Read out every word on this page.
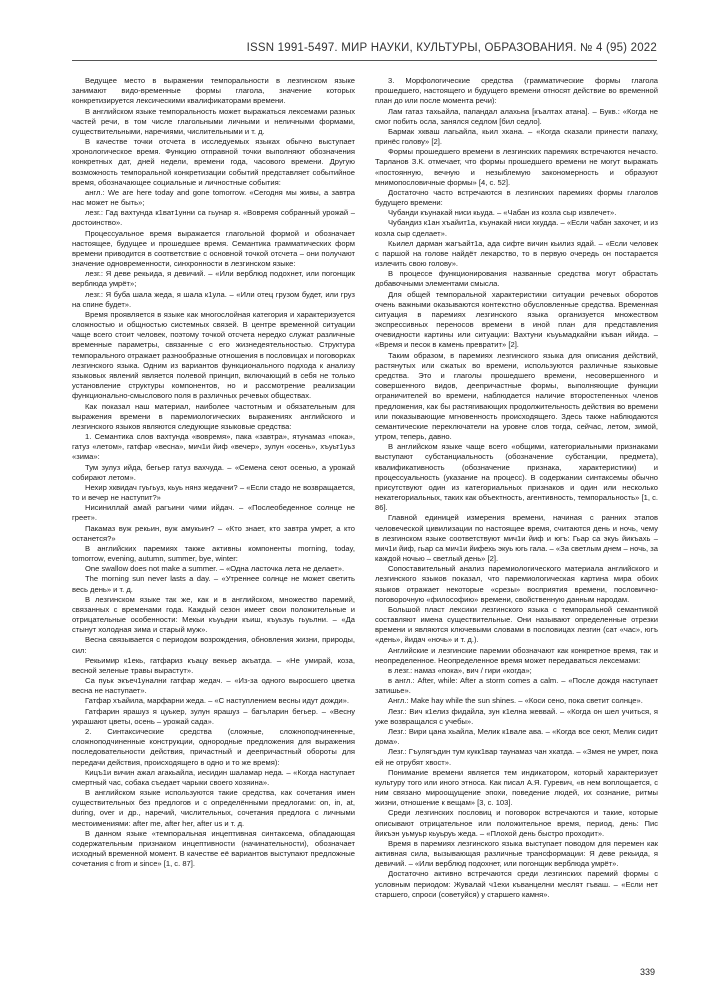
ISSN 1991-5497. МИР НАУКИ, КУЛЬТУРЫ, ОБРАЗОВАНИЯ. № 4 (95) 2022

Ведущее место в выражении темпоральности в лезгинском языке занимают видо-временные формы глагола, значение которых конкретизируется лексическими квалификаторами времени.

В английском языке темпоральность может выражаться лексемами разных частей речи, в том числе глагольными личными и неличными формами, существительными, наречиями, числительными и т. д.

В качестве точки отсчета в исследуемых языках обычно выступает хронологическое время. Функцию отправной точки выполняют обозначения конкретных дат, дней недели, времени года, часового времени. Другую возможность темпоральной конкретизации событий представляет событийное время, обозначающее социальные и личностные события:

англ.: We are here today and gone tomorrow. «Сегодня мы живы, а завтра нас может не быть»;

лезг.: Гад вахтунда к1ват1унни са гьунар я. «Вовремя собранный урожай – достоинство».

Процессуальное время выражается глагольной формой и обозначает настоящее, будущее и прошедшее время. Семантика грамматических форм времени приводится в соответствие с основной точкой отсчета – они получают значение одновременности, синхронности в лезгинском языке:

лезг.: Я деве рекьида, я девичий. – «Или верблюд подохнет, или погонщик верблюда умрёт»;

лезг.: Я буба шала жеда, я шала к1ула. – «Или отец грузом будет, или груз на спине будет».

Время проявляется в языке как многослойная категория и характеризуется сложностью и общностью системных связей. В центре временной ситуации чаще всего стоит человек, поэтому точкой отсчета нередко служат различные временные параметры, связанные с его жизнедеятельностью. Структура темпорального отражает разнообразные отношения в пословицах и поговорках лезгинского языка. Одним из вариантов функционального подхода к анализу языковых явлений является полевой принцип, включающий в себя не только установление структуры компонентов, но и рассмотрение реализации функционально-смыслового поля в различных речевых обществах.

Как показал наш материал, наиболее частотным и обязательным для выражения времени в паремиологических выражениях английского и лезгинского языков являются следующие языковые средства:

1. Семантика слов вахтунда «вовремя», пака «завтра», ятунамаз «пока», гатуз «летом», гатфар «весна», мич1и йиф «вечер», зулун «осень», хъуьт1уьз «зима»:

Тум зулуз ийда, бегьер гатуз вахчуда. – «Семена сеют осенью, а урожай собирают летом».

Нехир хквидач гуьгьуз, кьуь нянз жедачни? – «Если стадо не возвращается, то и вечер не наступит?»

Нисиниллай амай рагъини чими ийдач. – «Послеобеденное солнце не греет».

Пакамаз вуж рекьин, вуж амукьин? – «Кто знает, кто завтра умрет, а кто останется?»

В английских паремиях также активны компоненты morning, today, tomorrow, evening, autumn, summer, bye, winter:

One swallow does not make a summer. – «Одна ласточка лета не делает».

The morning sun never lasts a day. – «Утреннее солнце не может светить весь день» и т. д.

В лезгинском языке так же, как и в английском, множество паремий, связанных с временами года. Каждый сезон имеет свои положительные и отрицательные особенности: Мекьи къуьдни къиш, къуьзуь гьуьлни. – «Да стынут холодная зима и старый муж».

Весна связывается с периодом возрождения, обновления жизни, природы, сил:

Рекьимир к1екь, гатфариз къацу векьер акъатда. – «Не умирай, коза, весной зеленые травы вырастут».

Са пуьк экъеч1унални гатфар жедач. – «Из-за одного выросшего цветка весна не наступает».

Гатфар хъайила, марфарни жеда. – «С наступлением весны идут дожди».

Гатфарин ярашуз я цуькер, зулун ярашуз – багъларин бегьер. – «Весну украшают цветы, осень – урожай сада».

2. Синтаксические средства (сложные, сложноподчиненные, сложноподчиненные конструкции, однородные предложения для выражения последовательности действия, причастный и деепричастный обороты для передачи действия, происходящего в одно и то же время):

Кицъ1и вичин ажал агакьайла, иесидин шаламар неда. – «Когда наступает смертный час, собака съедает чарыки своего хозяина».

В английском языке используются такие средства, как сочетания имен существительных без предлогов и с определёнными предлогами: on, in, at, during, over и др., наречий, числительных, сочетания предлога с личными местоимениями: after me, after her, after us и т. д.

В данном языке «темпоральная инцептивная синтаксема, обладающая содержательным признаком инцептивности (начинательности), обозначает исходный временной момент. В качестве её вариантов выступают предложные сочетания с from и since» [1, с. 87].

3. Морфологические средства (грамматические формы глагола прошедшего, настоящего и будущего времени относят действие во временной план до или после момента речи):

Лам гатаз тахьайла, папандал алахьна [къалтах атана]. – Букв.: «Когда не смог побить осла, занялся седлом [бил седло].

Бармак хкваш лагьайла, кьил хкана. – «Когда сказали принести папаху, принёс голову» [2].

Формы прошедшего времени в лезгинских паремиях встречаются нечасто. Тарланов З.К. отмечает, что формы прошедшего времени не могут выражать «постоянную, вечную и незыблемую закономерность и образуют мнимопословичные формы» [4, с. 52].

Достаточно часто встречаются в лезгинских паремиях формы глаголов будущего времени:

Чубанди къунакай ниси кьуда. – «Чабан из козла сыр извлечет».

Чубандиз к1ан хъайит1а, къунакай ниси хкудда. – «Если чабан захочет, и из козла сыр сделает».

Кьилел дарман жагъайт1а, ада сифте вичин кьилиз ядай. – «Если человек с паршой на голове найдёт лекарство, то в первую очередь он постарается излечить свою голову».

В процессе функционирования названные средства могут обрастать добавочными элементами смысла.

Для общей темпоральной характеристики ситуации речевых оборотов очень важными оказываются контекстно обусловленные средства. Временная ситуация в паремиях лезгинского языка организуется множеством экспрессивных переносов времени в иной план для представления очевидности картины или ситуации: Вахтуни къуьмадкайни къван ийида. – «Время и песок в камень превратит» [2].

Таким образом, в паремиях лезгинского языка для описания действий, растянутых или сжатых во времени, используются различные языковые средства. Это и глаголы прошедшего времени, несовершенного и совершенного видов, деепричастные формы, выполняющие функции ограничителей во времени, наблюдается наличие второстепенных членов предложения, как бы растягивающих продолжительность действия во времени или показывающие мгновенность происходящего. Здесь также наблюдаются семантические переключатели на уровне слов тогда, сейчас, летом, зимой, утром, теперь, давно.

В английском языке чаще всего «общими, категориальными признаками выступают субстанциальность (обозначение субстанции, предмета), квалификативность (обозначение признака, характеристики) и процессуальность (указание на процесс). В содержании синтаксемы обычно присутствуют один из категориальных признаков и один или несколько некатегориальных, таких как объектность, агентивность, темпоральность» [1, с. 86].

Главной единицей измерения времени, начиная с ранних этапов человеческой цивилизации по настоящее время, считаются день и ночь, чему в лезгинском языке соответствуют мич1и йиф и югъ: Гьар са экуь йикъахь – мич1и йиф, гьар са мич1и йифехь экуь югь гала. – «За светлым днем – ночь, за каждой ночью – светлый день» [2].

Сопоставительный анализ паремиологического материала английского и лезгинского языков показал, что паремиологическая картина мира обоих языков отражает некоторые «срезы» восприятия времени, пословично-поговорочную «философию» времени, свойственную данным народам.

Большой пласт лексики лезгинского языка с темпоральной семантикой составляют имена существительные. Они называют определенные отрезки времени и являются ключевыми словами в пословицах лезгин (сат «час», югъ «день», йидач «ночь» и т. д.).

Английские и лезгинские паремии обозначают как конкретное время, так и неопределенное. Неопределенное время может передаваться лексемами:

в лезг.: намаз «пока», вич / гири «когда»;

в англ.: After, while: After a storm comes a calm. – «После дождя наступает затишье».

Англ.: Make hay while the sun shines. – «Коси сено, пока светит солнце».

Лезг.: Вич к1елиз фидайла, зун к1елна жеввай. – «Когда он шел учиться, я уже возвращался с учебы».

Лезг.: Вири цана хьайла, Мелик к1вале ава. – «Когда все сеют, Мелик сидит дома».

Лезг.: Гъулягъдин тум кукк1вар таунамаз чан хкатда. – «Змея не умрет, пока ей не отрубят хвост».

Понимание времени является тем индикатором, который характеризует культуру того или иного этноса. Как писал А.Я. Гуревич, «в нем воплощается, с ним связано мироощущение эпохи, поведение людей, их сознание, ритмы жизни, отношение к вещам» [3, с. 103].

Среди лезгинских пословиц и поговорок встречаются и такие, которые описывают отрицательное или положительное время, период, день: Пис йикъэн уьмуьр кьуьруь жеда. – «Плохой день быстро проходит».

Время в паремиях лезгинского языка выступает поводом для перемен как активная сила, вызывающая различные трансформации: Я деве рекьида, я девичий. – «Или верблюд подохнет, или погонщик верблюда умрёт».

Достаточно активно встречаются среди лезгинских паремий формы с условным периодом: Жувалай ч1ехи къванцелни меслят гъваш. – «Если нет старшего, спроси (советуйся) у старшего камня».

339
